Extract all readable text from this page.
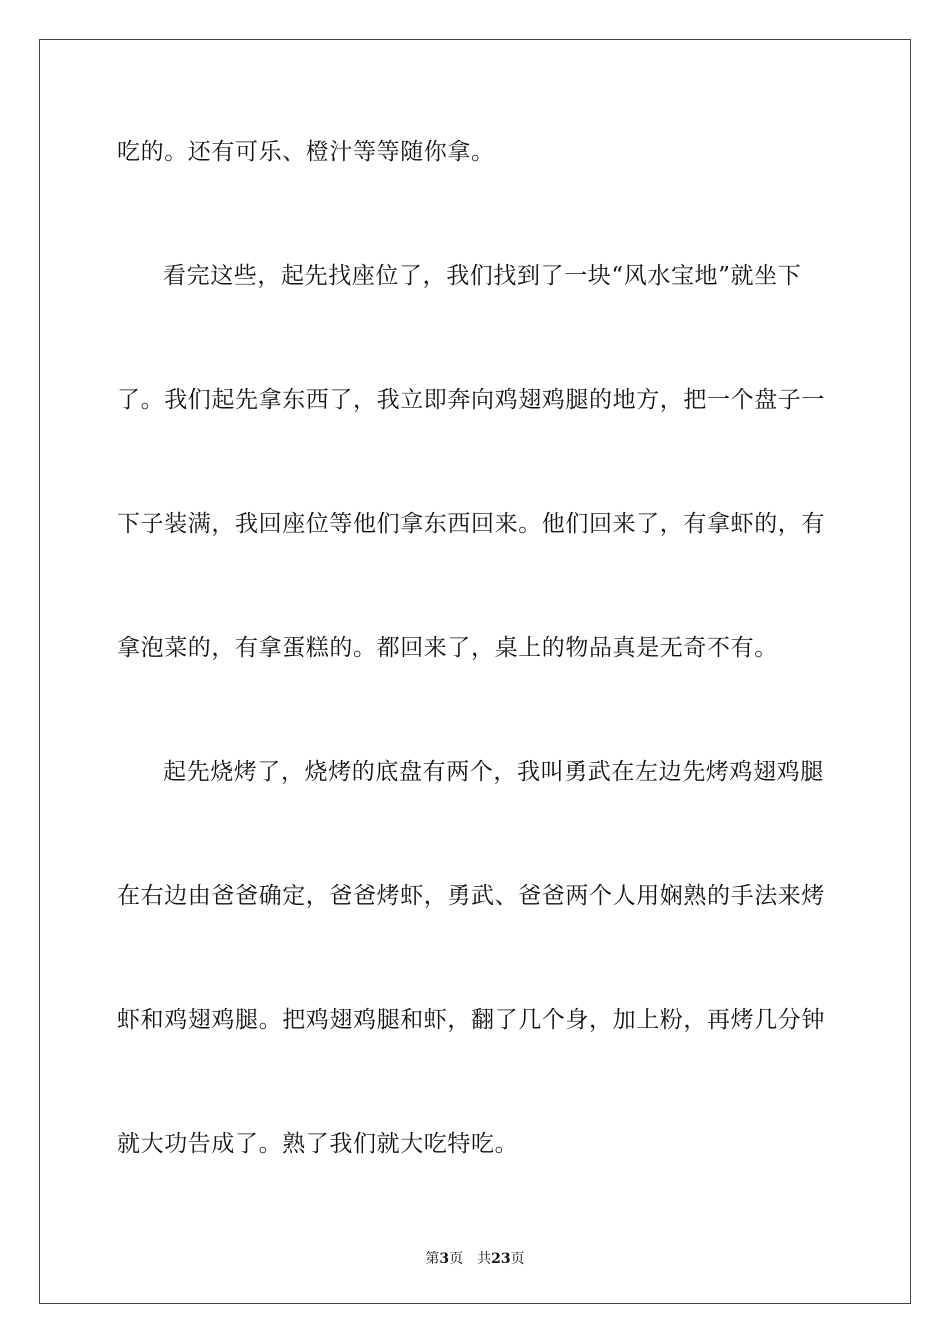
吃的。还有可乐、橙汁等等随你拿。
看完这些，起先找座位了，我们找到了一块“风水宝地”就坐下
了。我们起先拿东西了，我立即奔向鸡翅鸡腿的地方，把一个盘子一
下子装满，我回座位等他们拿东西回来。他们回来了，有拿虾的，有
拿泡菜的，有拿蛋糕的。都回来了，桌上的物品真是无奇不有。
起先烧烤了，烧烤的底盘有两个，我叫勇武在左边先烤鸡翅鸡腿
在右边由爸爸确定，爸爸烤虾，勇武、爸爸两个人用娴熟的手法来烤
虾和鸡翅鸡腿。把鸡翅鸡腿和虾，翻了几个身，加上粉，再烤几分钟
就大功告成了。熟了我们就大吃特吃。
第3页 共23页
